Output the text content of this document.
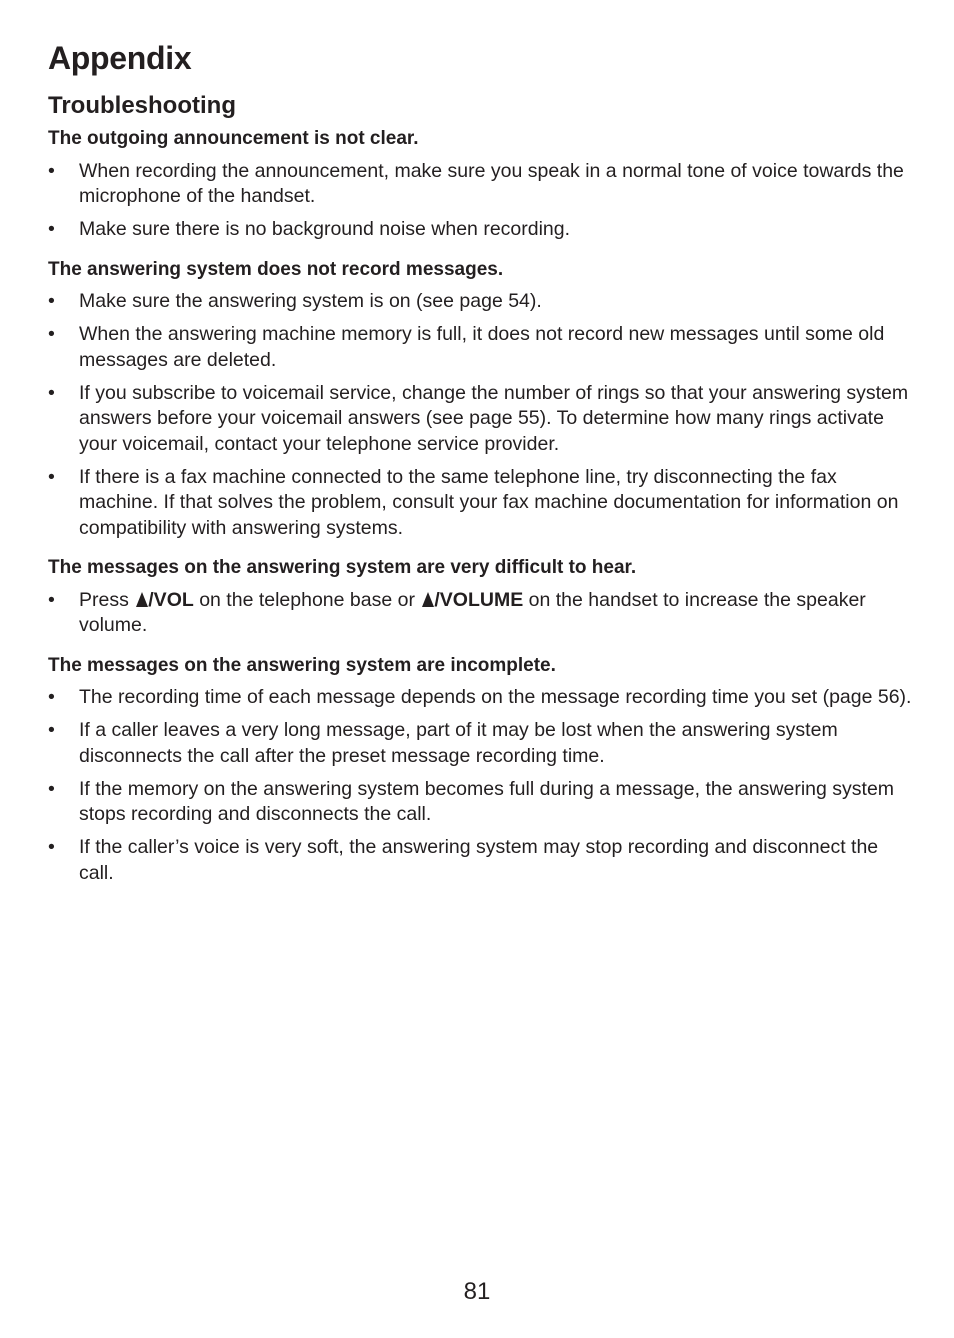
Appendix
Troubleshooting

The outgoing announcement is not clear.

• When recording the announcement, make sure you speak in a normal tone of voice towards the microphone of the handset.
• Make sure there is no background noise when recording.

The answering system does not record messages.

• Make sure the answering system is on (see page 54).
• When the answering machine memory is full, it does not record new messages until some old messages are deleted.
• If you subscribe to voicemail service, change the number of rings so that your answering system answers before your voicemail answers (see page 55). To determine how many rings activate your voicemail, contact your telephone service provider.
• If there is a fax machine connected to the same telephone line, try disconnecting the fax machine. If that solves the problem, consult your fax machine documentation for information on compatibility with answering systems.

The messages on the answering system are very difficult to hear.

• Press /VOL on the telephone base or /VOLUME on the handset to increase the speaker volume.

The messages on the answering system are incomplete.

• The recording time of each message depends on the message recording time you set (page 56).
• If a caller leaves a very long message, part of it may be lost when the answering system disconnects the call after the preset message recording time.
• If the memory on the answering system becomes full during a message, the answering system stops recording and disconnects the call.
• If the caller’s voice is very soft, the answering system may stop recording and disconnect the call.
81
